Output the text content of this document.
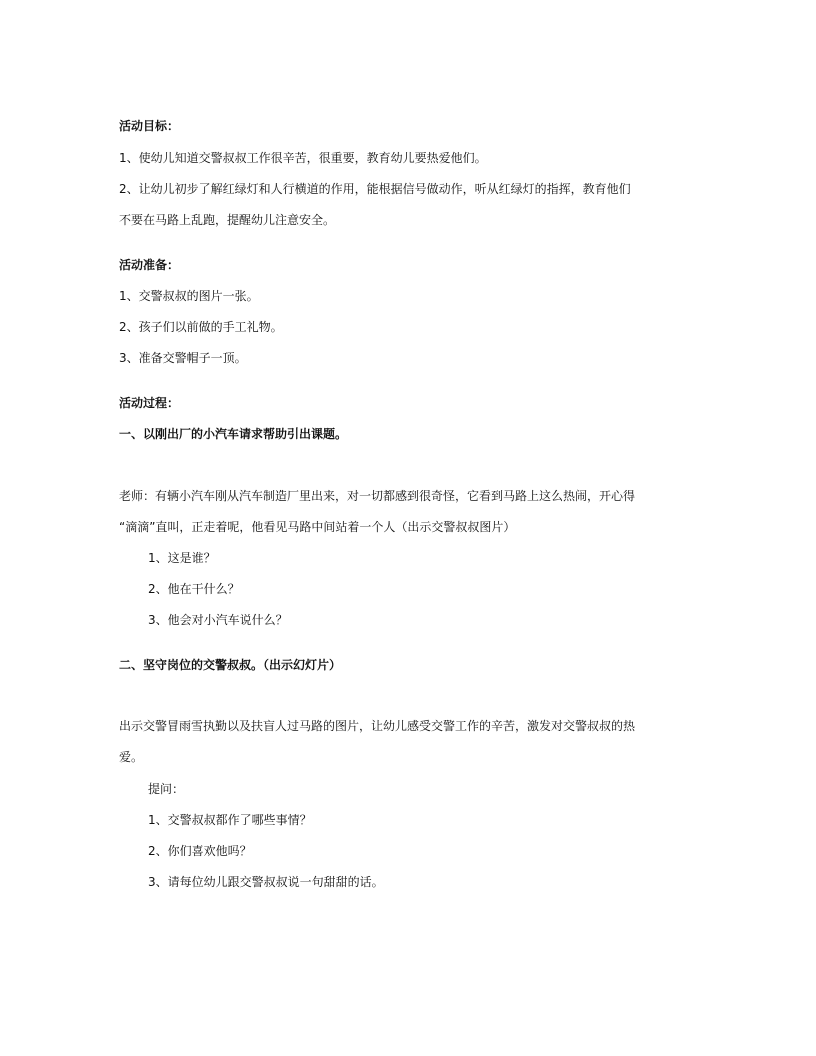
活动目标：
1、使幼儿知道交警叔叔工作很辛苦，很重要，教育幼儿要热爱他们。
2、让幼儿初步了解红绿灯和人行横道的作用，能根据信号做动作，听从红绿灯的指挥，教育他们
不要在马路上乱跑，提醒幼儿注意安全。
活动准备：
1、交警叔叔的图片一张。
2、孩子们以前做的手工礼物。
3、准备交警帽子一顶。
活动过程：
一、以刚出厂的小汽车请求帮助引出课题。
老师：有辆小汽车刚从汽车制造厂里出来，对一切都感到很奇怪，它看到马路上这么热闹，开心得
“滴滴”直叫，正走着呢，他看见马路中间站着一个人（出示交警叔叔图片）
1、这是谁？
2、他在干什么？
3、他会对小汽车说什么？
二、坚守岗位的交警叔叔。（出示幻灯片）
出示交警冒雨雪执勤以及扶盲人过马路的图片，让幼儿感受交警工作的辛苦，激发对交警叔叔的热
爱。
提问：
1、交警叔叔都作了哪些事情？
2、你们喜欢他吗？
3、请每位幼儿跟交警叔叔说一句甜甜的话。
